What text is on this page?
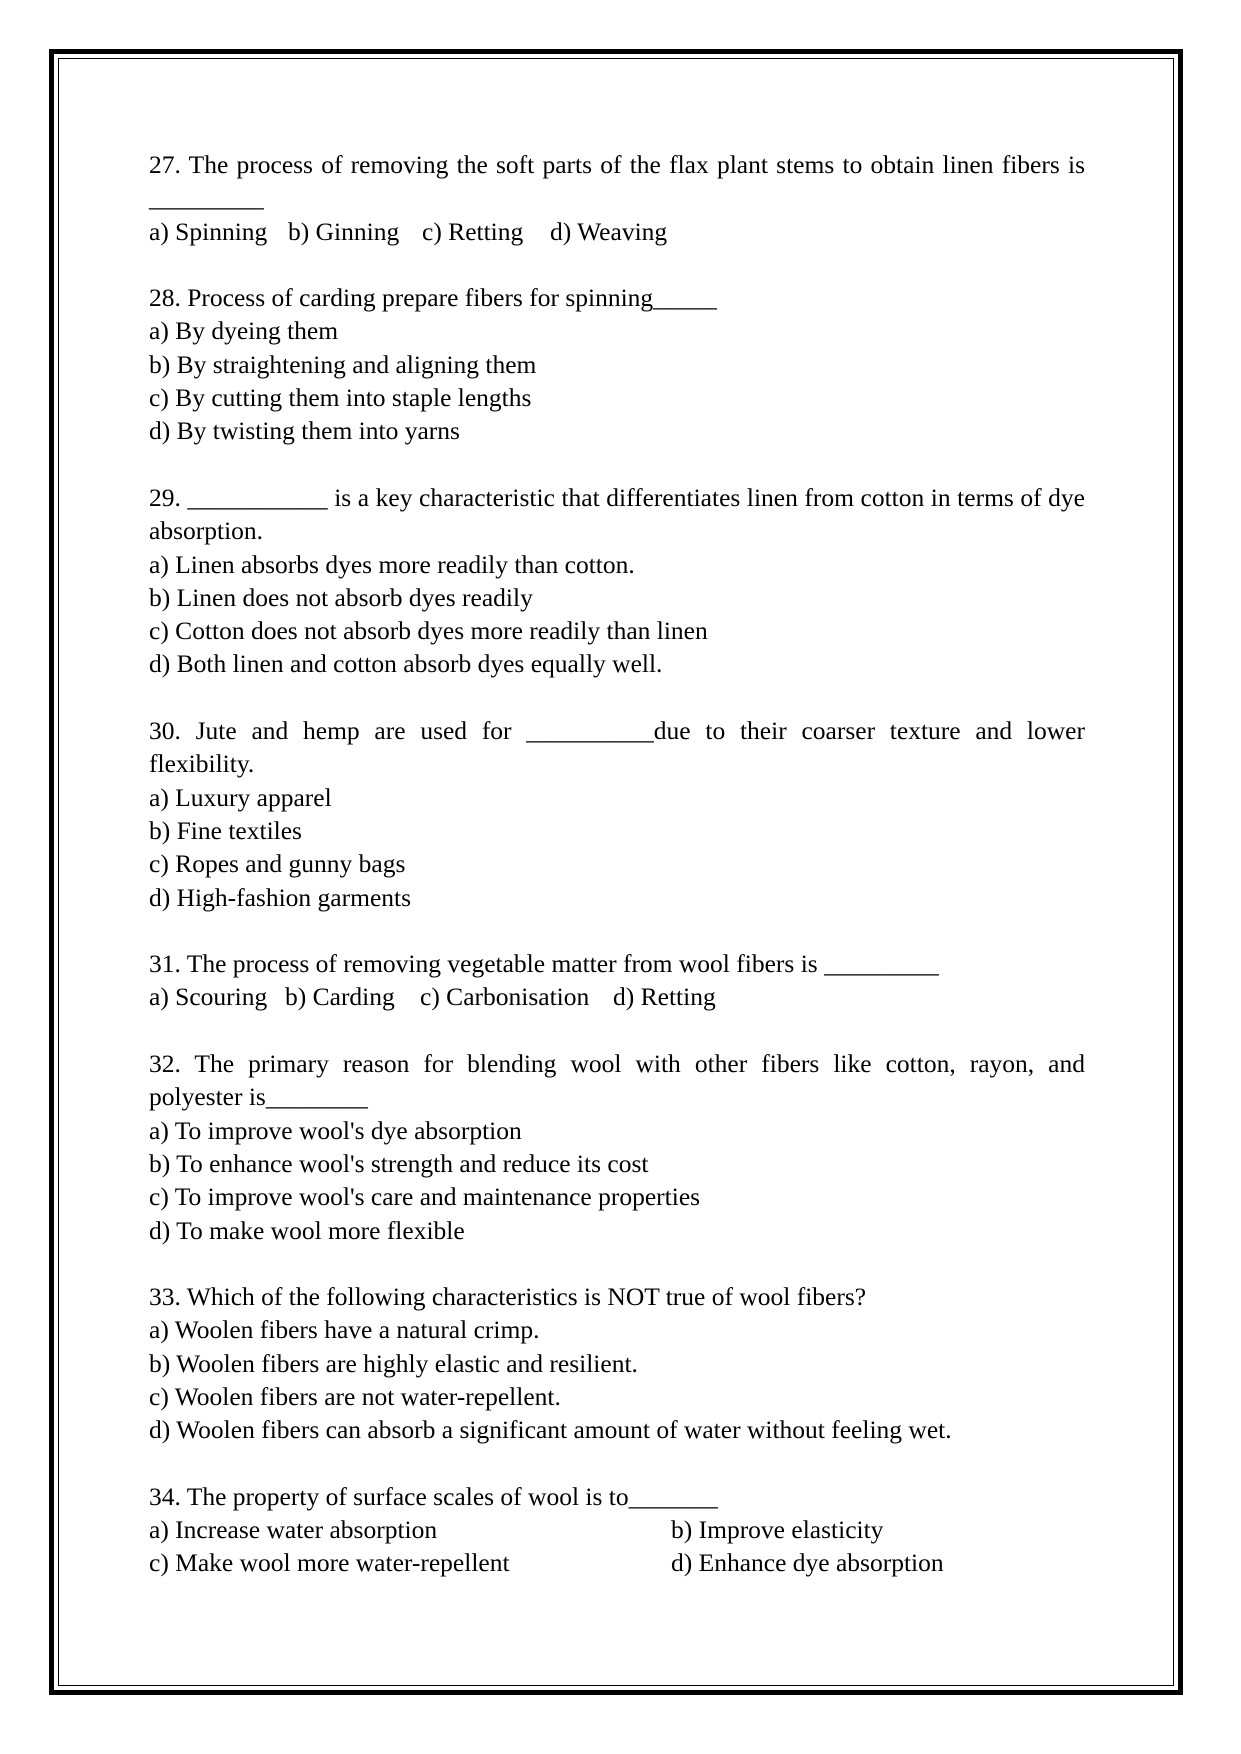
27. The process of removing the soft parts of the flax plant stems to obtain linen fibers is _________

a) Spinning b) Ginning c) Retting d) Weaving

28. Process of carding prepare fibers for spinning_____

a) By dyeing them

b) By straightening and aligning them

c) By cutting them into staple lengths

d) By twisting them into yarns

29. ___________ is a key characteristic that differentiates linen from cotton in terms of dye absorption.

a) Linen absorbs dyes more readily than cotton.

b) Linen does not absorb dyes readily

c) Cotton does not absorb dyes more readily than linen

d) Both linen and cotton absorb dyes equally well.

30. Jute and hemp are used for __________due to their coarser texture and lower flexibility.

a) Luxury apparel

b) Fine textiles

c) Ropes and gunny bags

d) High-fashion garments

31. The process of removing vegetable matter from wool fibers is _________

a) Scouring b) Carding c) Carbonisation d) Retting

32. The primary reason for blending wool with other fibers like cotton, rayon, and polyester is________

a) To improve wool's dye absorption

b) To enhance wool's strength and reduce its cost

c) To improve wool's care and maintenance properties

d) To make wool more flexible

33. Which of the following characteristics is NOT true of wool fibers?

a) Woolen fibers have a natural crimp.

b) Woolen fibers are highly elastic and resilient.

c) Woolen fibers are not water-repellent.

d) Woolen fibers can absorb a significant amount of water without feeling wet.

34. The property of surface scales of wool is to_______

a) Increase water absorption	b) Improve elasticity
c) Make wool more water-repellent	d) Enhance dye absorption
